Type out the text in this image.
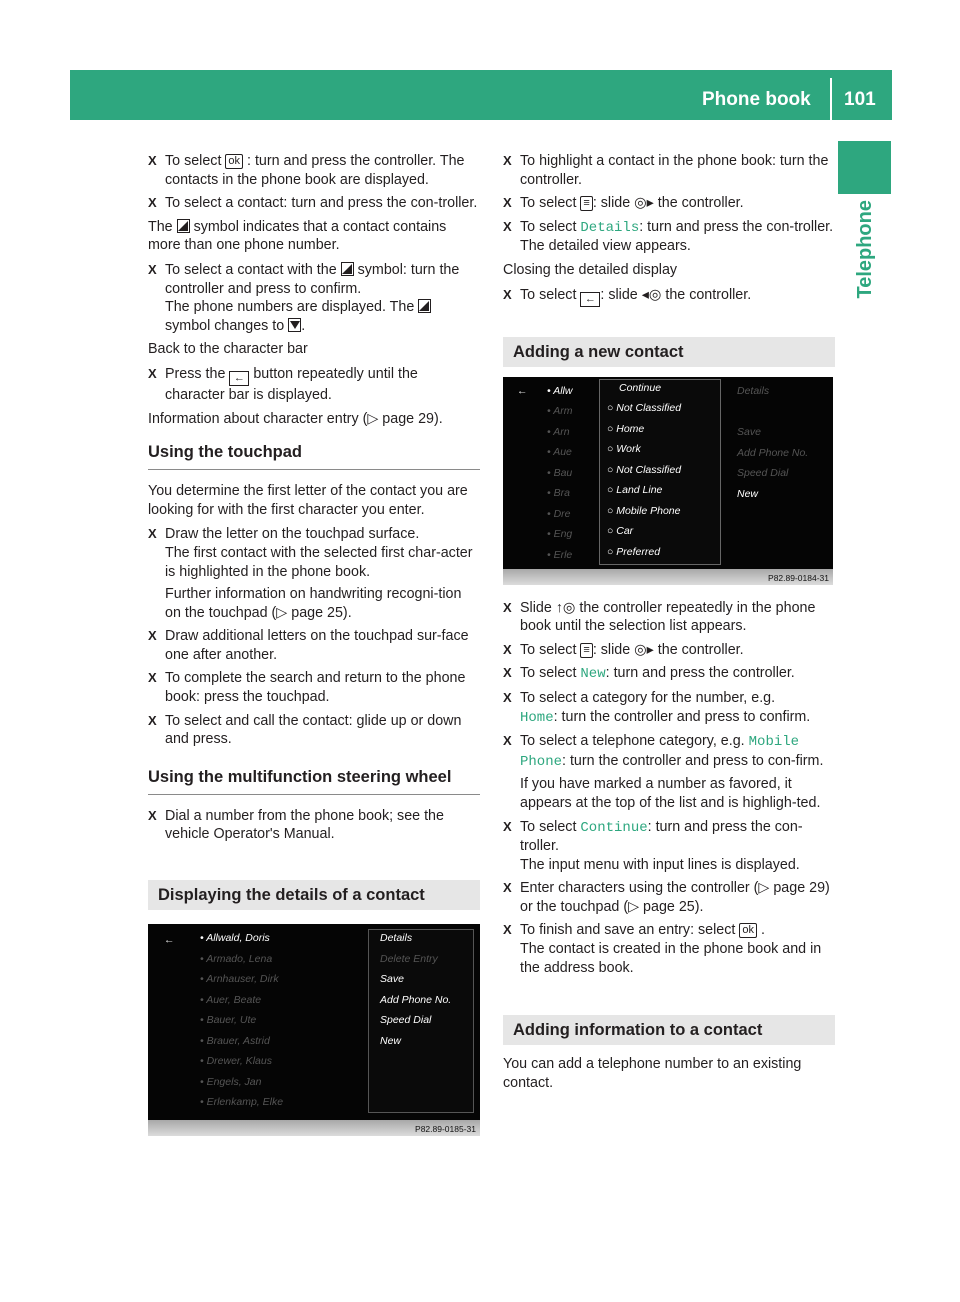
Phone book 101
Telephone
X To select ok : turn and press the controller. The contacts in the phone book are displayed.
X To select a contact: turn and press the con-troller.
The  symbol indicates that a contact contains more than one phone number.
X To select a contact with the  symbol: turn the controller and press to confirm.
The phone numbers are displayed. The
symbol changes to .
Back to the character bar
X Press the ← button repeatedly until the character bar is displayed.
Information about character entry (▷ page 29).
Using the touchpad
You determine the first letter of the contact you are looking for with the first character you enter.
X Draw the letter on the touchpad surface.
The first contact with the selected first char-acter is highlighted in the phone book.
Further information on handwriting recogni-tion on the touchpad (▷ page 25).
X Draw additional letters on the touchpad sur-face one after another.
X To complete the search and return to the phone book: press the touchpad.
X To select and call the contact: glide up or down and press.
Using the multifunction steering wheel
X Dial a number from the phone book; see the vehicle Operator's Manual.
Displaying the details of a contact
← • Allwald, Doris
• Armado, Lena
• Arnhauser, Dirk
• Auer, Beate
• Bauer, Ute
• Brauer, Astrid
• Drewer, Klaus
• Engels, Jan
• Erlenkamp, Elke
Details
Delete Entry
Save
Add Phone No.
Speed Dial
New
P82.89-0185-31
X To highlight a contact in the phone book: turn the controller.
X To select ≡ : slide ◎▸ the controller.
X To select Details: turn and press the con-troller.
The detailed view appears.
Closing the detailed display
X To select ← : slide ◂◎ the controller.
Adding a new contact
← • Allw
• Arm
• Arn
• Aue
• Bau
• Bra
• Dre
• Eng
• Erle
Continue
○ Not Classified
○ Home
○ Work
○ Not Classified
○ Land Line
○ Mobile Phone
○ Car
○ Preferred
Details
Save
Add Phone No.
Speed Dial
New
P82.89-0184-31
X Slide ↑◎ the controller repeatedly in the phone book until the selection list appears.
X To select ≡ : slide ◎▸ the controller.
X To select New: turn and press the controller.
X To select a category for the number, e.g.
Home: turn the controller and press to confirm.
X To select a telephone category, e.g. Mobile
Phone: turn the controller and press to con-firm.
If you have marked a number as favored, it appears at the top of the list and is highligh-ted.
X To select Continue: turn and press the con-troller.
The input menu with input lines is displayed.
X Enter characters using the controller (▷ page 29) or the touchpad (▷ page 25).
X To finish and save an entry: select ok .
The contact is created in the phone book and in the address book.
Adding information to a contact
You can add a telephone number to an existing contact.
